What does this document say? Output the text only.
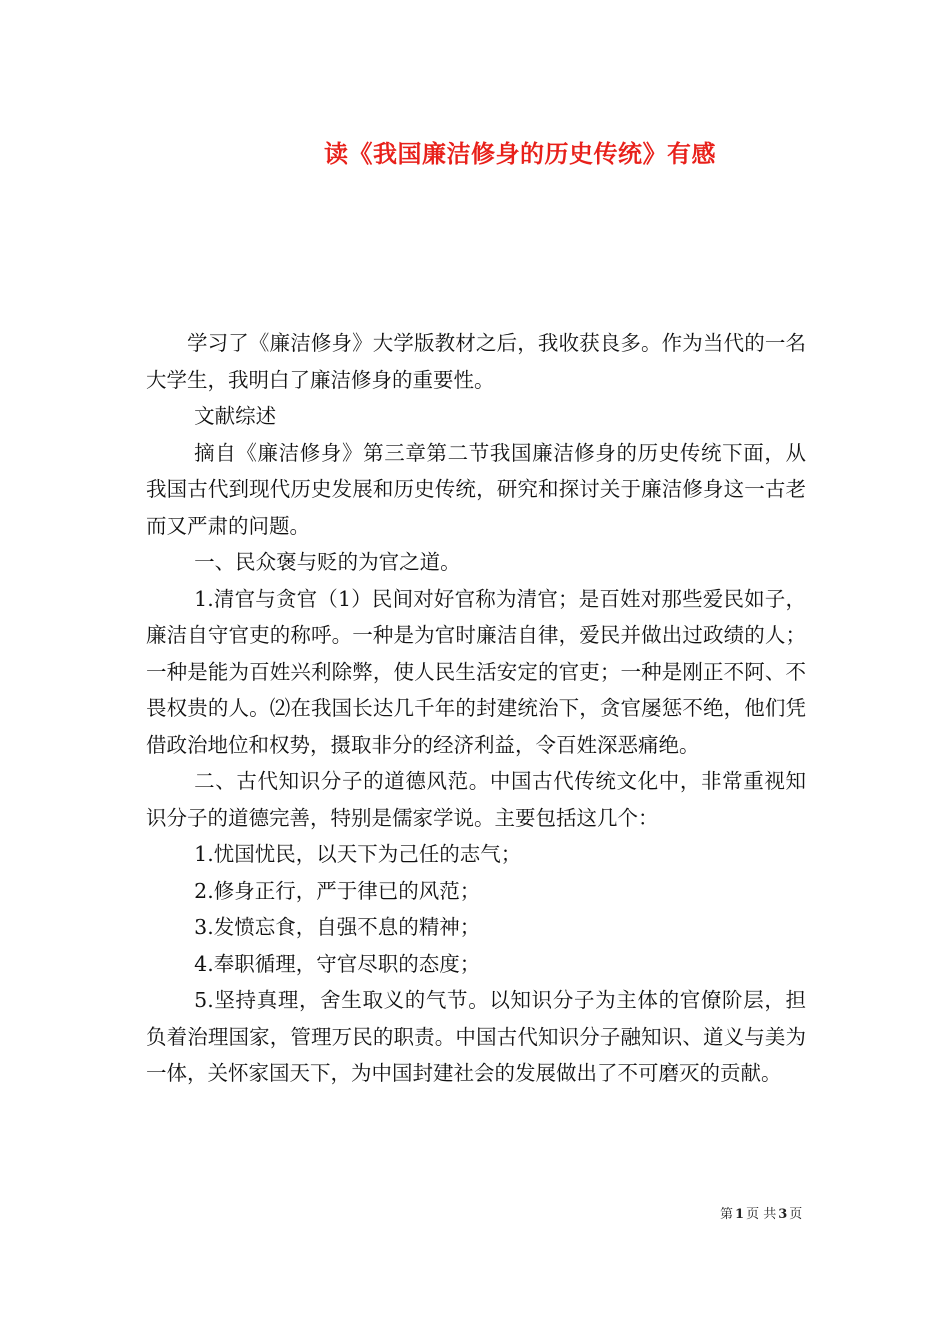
读《我国廉洁修身的历史传统》有感

学习了《廉洁修身》大学版教材之后，我收获良多。作为当代的一名大学生，我明白了廉洁修身的重要性。

文献综述

摘自《廉洁修身》第三章第二节我国廉洁修身的历史传统下面，从我国古代到现代历史发展和历史传统，研究和探讨关于廉洁修身这一古老而又严肃的问题。

一、民众褒与贬的为官之道。

1.清官与贪官（1）民间对好官称为清官；是百姓对那些爱民如子，廉洁自守官吏的称呼。一种是为官时廉洁自律，爱民并做出过政绩的人；一种是能为百姓兴利除弊，使人民生活安定的官吏；一种是刚正不阿、不畏权贵的人。⑵在我国长达几千年的封建统治下，贪官屡惩不绝，他们凭借政治地位和权势，摄取非分的经济利益，令百姓深恶痛绝。

二、古代知识分子的道德风范。中国古代传统文化中，非常重视知识分子的道德完善，特别是儒家学说。主要包括这几个：

1.忧国忧民，以天下为己任的志气；

2.修身正行，严于律已的风范；

3.发愤忘食，自强不息的精神；

4.奉职循理，守官尽职的态度；

5.坚持真理，舍生取义的气节。以知识分子为主体的官僚阶层，担负着治理国家，管理万民的职责。中国古代知识分子融知识、道义与美为一体，关怀家国天下，为中国封建社会的发展做出了不可磨灭的贡献。

第 1 页 共 3 页
